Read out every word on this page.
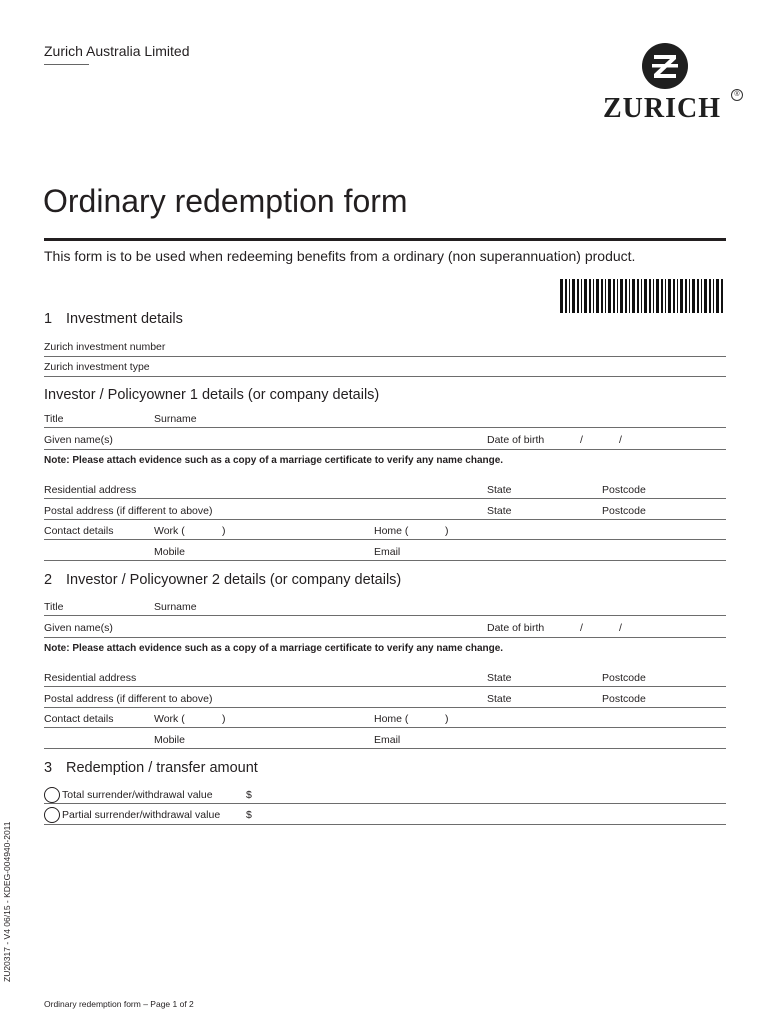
Zurich Australia Limited
ZURICH	®
Ordinary redemption form
This form is to be used when redeeming benefits from a ordinary (non superannuation) product.
1 Investment details
Zurich investment number
Zurich investment type
Investor / Policyowner 1 details (or company details)
Title	Surname
Given name(s)	Date of birth	/	/
Note: Please attach evidence such as a copy of a marriage certificate to verify any name change.
Residential address	State	Postcode
Postal address (if different to above)	State	Postcode
Contact details	Work (	)	Home (	)
Mobile	Email
2 Investor / Policyowner 2 details (or company details)
Title	Surname
Given name(s)	Date of birth	/	/
Note: Please attach evidence such as a copy of a marriage certificate to verify any name change.
Residential address	State	Postcode
Postal address (if different to above)	State	Postcode
Contact details	Work (	)	Home (	)
Mobile	Email
3 Redemption / transfer amount
Total surrender/withdrawal value	$
Partial surrender/withdrawal value $
ZU20317 - V4 06/15 - KDEG-004940-2011
Ordinary redemption form – Page 1 of 2
